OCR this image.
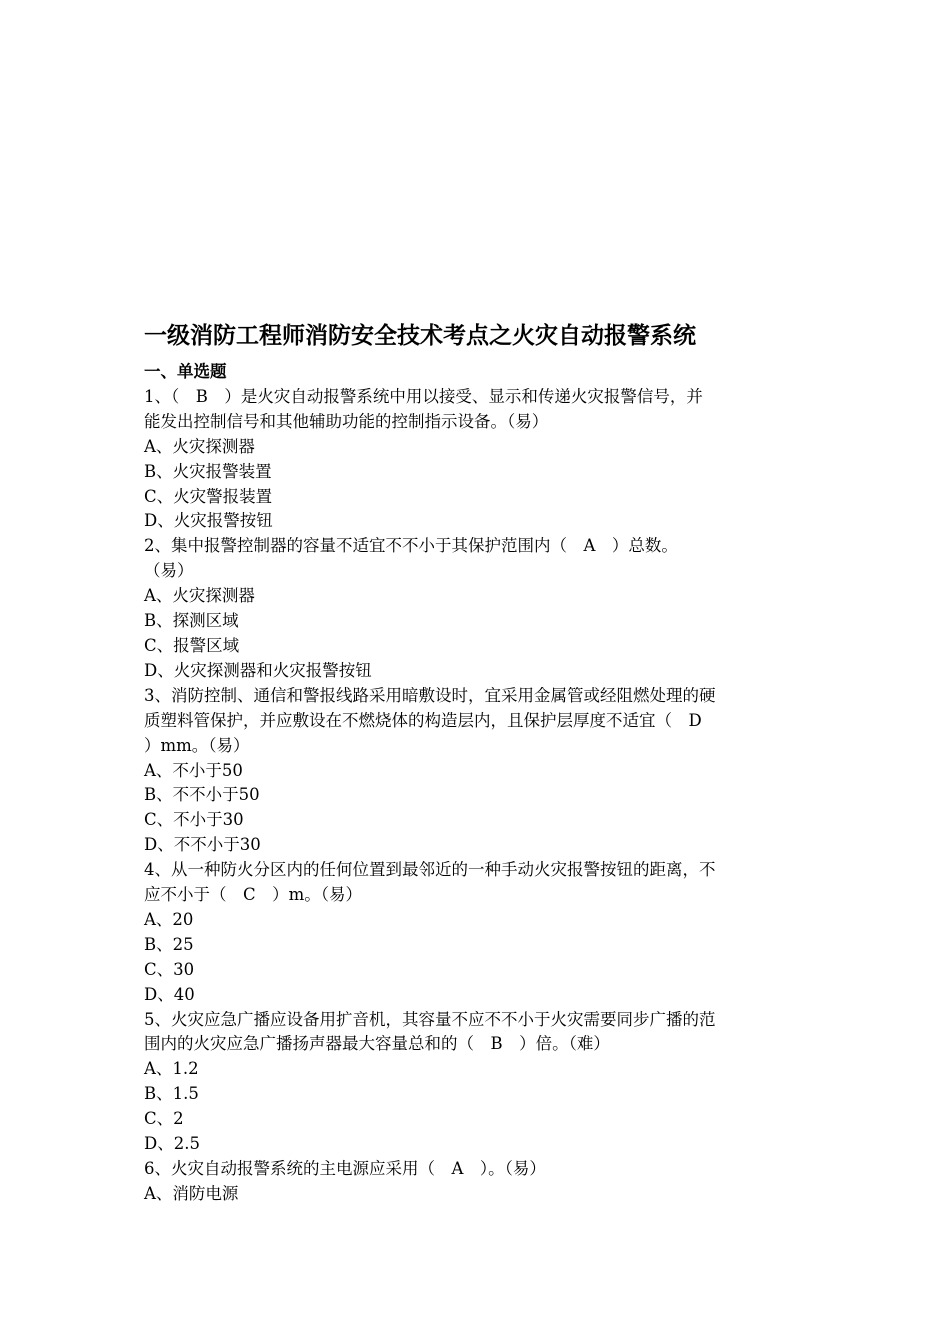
一级消防工程师消防安全技术考点之火灾自动报警系统
一、单选题
1、（　B　）是火灾自动报警系统中用以接受、显示和传递火灾报警信号，并
能发出控制信号和其他辅助功能的控制指示设备。（易）
A、火灾探测器
B、火灾报警装置
C、火灾警报装置
D、火灾报警按钮
2、集中报警控制器的容量不适宜不不小于其保护范围内（　A　）总数。
（易）
A、火灾探测器
B、探测区域
C、报警区域
D、火灾探测器和火灾报警按钮
3、消防控制、通信和警报线路采用暗敷设时，宜采用金属管或经阻燃处理的硬
质塑料管保护，并应敷设在不燃烧体的构造层内，且保护层厚度不适宜（　D
）mm。（易）
A、不小于50
B、不不小于50
C、不小于30
D、不不小于30
4、从一种防火分区内的任何位置到最邻近的一种手动火灾报警按钮的距离，不
应不小于（　C　）m。（易）
A、20
B、25
C、30
D、40
5、火灾应急广播应设备用扩音机，其容量不应不不小于火灾需要同步广播的范
围内的火灾应急广播扬声器最大容量总和的（　B　）倍。（难）
A、1.2
B、1.5
C、2
D、2.5
6、火灾自动报警系统的主电源应采用（　A　）。（易）
A、消防电源
